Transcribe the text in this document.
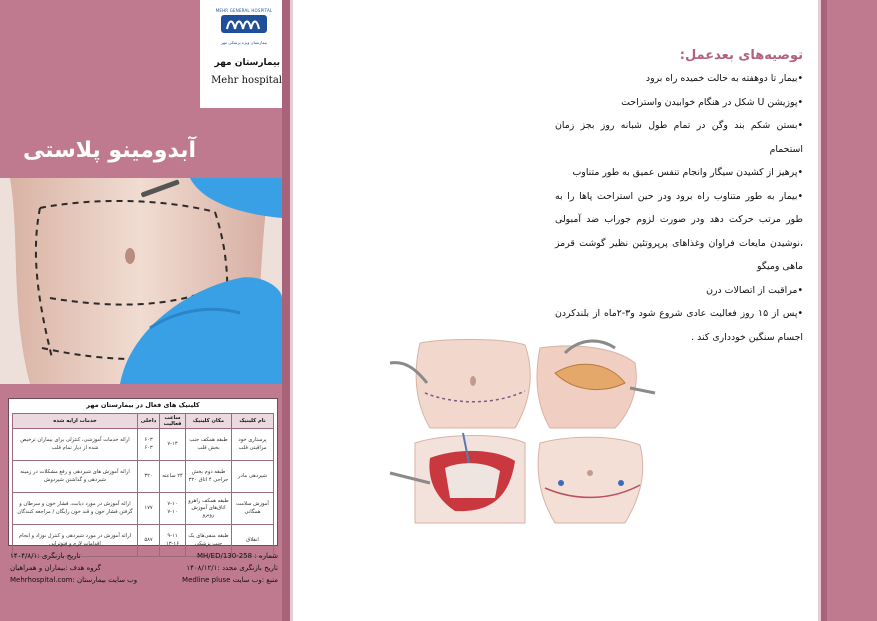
MEHR GENERAL HOSPITAL
بیمارستان ویژه پزشکی مهر
بیمارستان مهر
Mehr hospital
آبدومینو پلاستی
کلینیک های فعال در بیمارستان مهر
نام کلینیک	مکان کلینیک	ساعت فعالیت	داخلی	خدمات ارایه شده
پرستاری خود مراقبتی قلب	طبقه همکف جنب بخش قلب	۷-۱۴	۶۰۳ ۶۰۳	ارائه خدمات آموزشی، کنترلی برای بیماران ترخیص شده از دیار تمام قلب
شیردهی مادر	طبقه دوم بخش جراحی ۴ اتاق ۳۲۰	۲۴ ساعته	۳۲۰	ارائه آموزش های شیردهی و رفع مشکلات در زمینه شیردهی و گذاشتن شیردوش
آموزش سلامت همگانی	طبقه همکف راهرو اتاق‌های آموزش روبرو	۷-۱۰ ۷-۱۰	۱۷۷	ارائه آموزش در مورد دیابت، فشار خون و سرطان و گرفتن فشار خون و قند خون رایگان / مراجعه کنندگان
انفلاق	طبقه منفی‌های یک جنب پزشکی	۹-۱۱ ۱۳-۱۶	۵۸۷	ارائه آموزش در مورد شیردهی و کنترل نوزاد و انجام اقدامات لازم و فتوتراپی
شماره : MH/ED/130-258
تاریخ بازنگری :۱۴۰۴/۸/۱
تاریخ بازنگری مجدد :۱۴۰۸/۱۲/۱
گروه هدف :بیماران و همراهیان
منبع :وب سایت Medline pluse
وب سایت بیمارستان :Mehrhospital.com
توصیه‌های بعدعمل:
•بیمار تا دوهفته به حالت خمیده راه برود
•پوزیشن U شکل در هنگام خوابیدن واستراحت
•بستن شکم بند وگن در تمام طول شبانه روز بجز زمان استحمام
•پرهیز از کشیدن سیگار وانجام تنفس عمیق به طور متناوب
•بیمار به طور متناوب راه برود ودر حین استراحت پاها را به طور مرتب حرکت دهد ودر صورت لزوم جوراب ضد آمبولی ،نوشیدن مایعات فراوان وغذاهای پرپروتئین نظیر گوشت قرمز ماهی ومیگو
•مراقبت از اتصالات درن
•پس از ۱۵ روز فعالیت عادی شروع شود و۳-۲ماه از بلندکردن اجسام سنگین خودداری کند .
